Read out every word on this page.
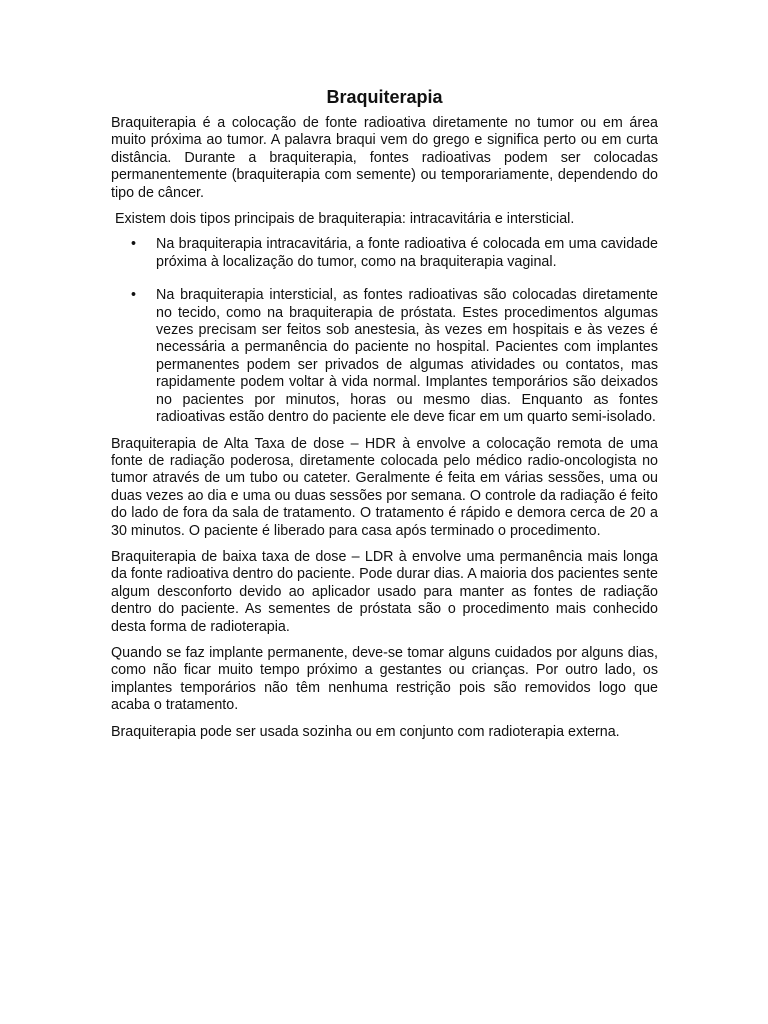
Braquiterapia

Braquiterapia é a colocação de fonte radioativa diretamente no tumor ou em área muito próxima ao tumor. A palavra braqui vem do grego e significa perto ou em curta distância. Durante a braquiterapia, fontes radioativas podem ser colocadas permanentemente (braquiterapia com semente) ou temporariamente, dependendo do tipo de câncer.

Existem dois tipos principais de braquiterapia: intracavitária e intersticial.

• Na braquiterapia intracavitária, a fonte radioativa é colocada em uma cavidade próxima à localização do tumor, como na braquiterapia vaginal.
• Na braquiterapia intersticial, as fontes radioativas são colocadas diretamente no tecido, como na braquiterapia de próstata. Estes procedimentos algumas vezes precisam ser feitos sob anestesia, às vezes em hospitais e às vezes é necessária a permanência do paciente no hospital. Pacientes com implantes permanentes podem ser privados de algumas atividades ou contatos, mas rapidamente podem voltar à vida normal. Implantes temporários são deixados no pacientes por minutos, horas ou mesmo dias. Enquanto as fontes radioativas estão dentro do paciente ele deve ficar em um quarto semi-isolado.

Braquiterapia de Alta Taxa de dose – HDR à envolve a colocação remota de uma fonte de radiação poderosa, diretamente colocada pelo médico radio-oncologista no tumor através de um tubo ou cateter. Geralmente é feita em várias sessões, uma ou duas vezes ao dia e uma ou duas sessões por semana. O controle da radiação é feito do lado de fora da sala de tratamento. O tratamento é rápido e demora cerca de 20 a 30 minutos. O paciente é liberado para casa após terminado o procedimento.

Braquiterapia de baixa taxa de dose – LDR à envolve uma permanência mais longa da fonte radioativa dentro do paciente. Pode durar dias. A maioria dos pacientes sente algum desconforto devido ao aplicador usado para manter as fontes de radiação dentro do paciente. As sementes de próstata são o procedimento mais conhecido desta forma de radioterapia.

Quando se faz implante permanente, deve-se tomar alguns cuidados por alguns dias, como não ficar muito tempo próximo a gestantes ou crianças. Por outro lado, os implantes temporários não têm nenhuma restrição pois são removidos logo que acaba o tratamento.

Braquiterapia pode ser usada sozinha ou em conjunto com radioterapia externa.
